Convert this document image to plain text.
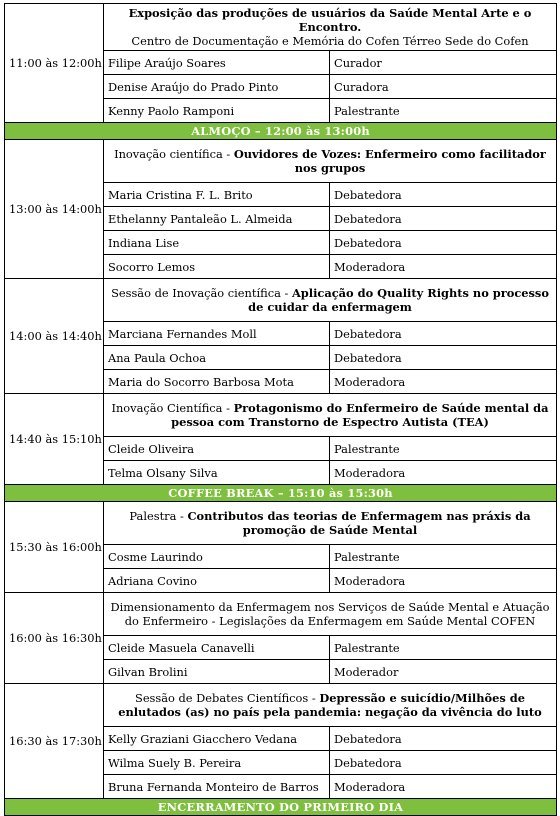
11:00 às 12:00h	Exposição das produções de usuários da Saúde Mental Arte e o Encontro.
Centro de Documentação e Memória do Cofen Térreo Sede do Cofen	
	Filipe Araújo Soares	Curador
	Denise Araújo do Prado Pinto	Curadora
	Kenny Paolo Ramponi	Palestrante
ALMOÇO – 12:00 às 13:00h		
13:00 às 14:00h	Inovação científica - Ouvidores de Vozes: Enfermeiro como facilitador nos grupos	
	Maria Cristina F. L. Brito	Debatedora
	Ethelanny Pantaleão L. Almeida	Debatedora
	Indiana Lise	Debatedora
	Socorro Lemos	Moderadora
14:00 às 14:40h	Sessão de Inovação científica - Aplicação do Quality Rights no processo de cuidar da enfermagem	
	Marciana Fernandes Moll	Debatedora
	Ana Paula Ochoa	Debatedora
	Maria do Socorro Barbosa Mota	Moderadora
14:40 às 15:10h	Inovação Científica - Protagonismo do Enfermeiro de Saúde mental da pessoa com Transtorno de Espectro Autista (TEA)	
	Cleide Oliveira	Palestrante
	Telma Olsany Silva	Moderadora
COFFEE BREAK – 15:10 às 15:30h		
15:30 às 16:00h	Palestra - Contributos das teorias de Enfermagem nas práxis da promoção de Saúde Mental	
	Cosme Laurindo	Palestrante
	Adriana Covino	Moderadora
16:00 às 16:30h	Dimensionamento da Enfermagem nos Serviços de Saúde Mental e Atuação do Enfermeiro - Legislações da Enfermagem em Saúde Mental COFEN	
	Cleide Masuela Canavelli	Palestrante
	Gilvan Brolini	Moderador
16:30 às 17:30h	Sessão de Debates Científicos - Depressão e suicídio/Milhões de enlutados (as) no país pela pandemia: negação da vivência do luto	
	Kelly Graziani Giacchero Vedana	Debatedora
	Wilma Suely B. Pereira	Debatedora
	Bruna Fernanda Monteiro de Barros	Moderadora
ENCERRAMENTO DO PRIMEIRO DIA		
